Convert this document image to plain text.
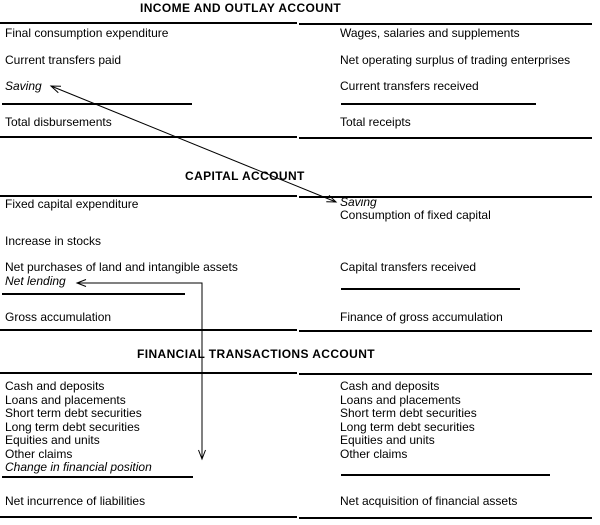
INCOME AND OUTLAY ACCOUNT
Final consumption expenditure
Current transfers paid
Saving
Total disbursements
Wages, salaries and supplements
Net operating surplus of trading enterprises
Current transfers received
Total receipts
CAPITAL ACCOUNT
Fixed capital expenditure
Increase in stocks
Net purchases of land and intangible assets
Net lending
Gross accumulation
Saving
Consumption of fixed capital
Capital transfers received
Finance of gross accumulation
FINANCIAL TRANSACTIONS ACCOUNT
Cash and deposits
Loans and placements
Short term debt securities
Long term debt securities
Equities and units
Other claims
Change in financial position
Net incurrence of liabilities
Cash and deposits
Loans and placements
Short term debt securities
Long term debt securities
Equities and units
Other claims
Net acquisition of financial assets
